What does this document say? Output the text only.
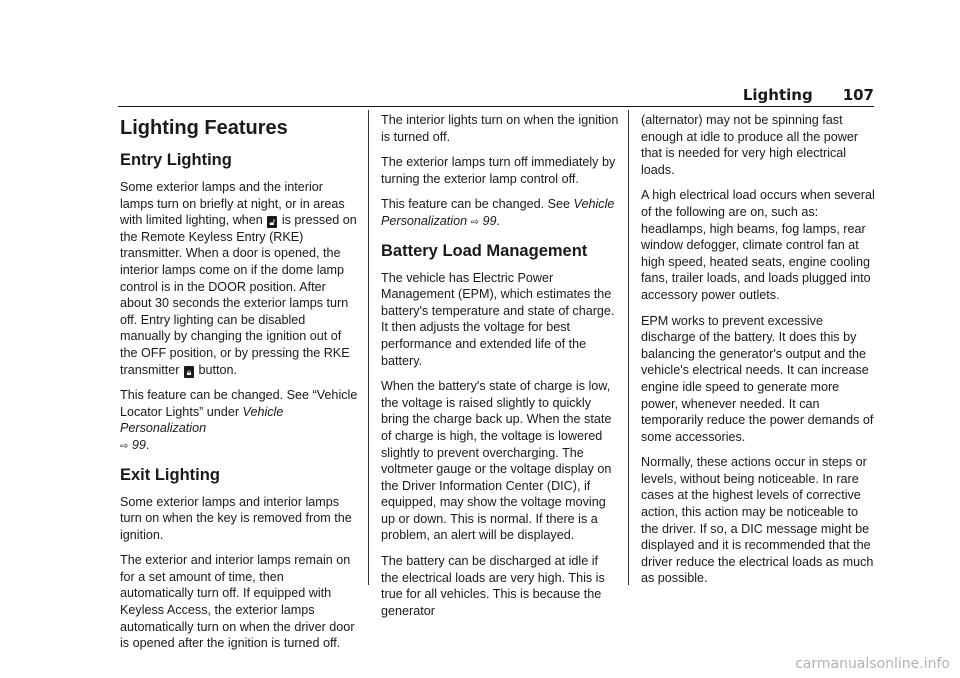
Lighting 107
Lighting Features
Entry Lighting

Some exterior lamps and the interior lamps turn on briefly at night, or in areas with limited lighting, when 🔓︎ is pressed on the Remote Keyless Entry (RKE) transmitter. When a door is opened, the interior lamps come on if the dome lamp control is in the DOOR position. After about 30 seconds the exterior lamps turn off. Entry lighting can be disabled manually by changing the ignition out of the OFF position, or by pressing the RKE transmitter 🔒︎ button.

This feature can be changed. See “Vehicle Locator Lights” under Vehicle Personalization
⇨ 99.

Exit Lighting

Some exterior lamps and interior lamps turn on when the key is removed from the ignition.

The exterior and interior lamps remain on for a set amount of time, then automatically turn off. If equipped with Keyless Access, the exterior lamps automatically turn on when the driver door is opened after the ignition is turned off.

The interior lights turn on when the ignition is turned off.

The exterior lamps turn off immediately by turning the exterior lamp control off.

This feature can be changed. See Vehicle Personalization ⇨ 99.

Battery Load Management

The vehicle has Electric Power Management (EPM), which estimates the battery's temperature and state of charge. It then adjusts the voltage for best performance and extended life of the battery.

When the battery's state of charge is low, the voltage is raised slightly to quickly bring the charge back up. When the state of charge is high, the voltage is lowered slightly to prevent overcharging. The voltmeter gauge or the voltage display on the Driver Information Center (DIC), if equipped, may show the voltage moving up or down. This is normal. If there is a problem, an alert will be displayed.

The battery can be discharged at idle if the electrical loads are very high. This is true for all vehicles. This is because the generator

(alternator) may not be spinning fast enough at idle to produce all the power that is needed for very high electrical loads.

A high electrical load occurs when several of the following are on, such as: headlamps, high beams, fog lamps, rear window defogger, climate control fan at high speed, heated seats, engine cooling fans, trailer loads, and loads plugged into accessory power outlets.

EPM works to prevent excessive discharge of the battery. It does this by balancing the generator's output and the vehicle's electrical needs. It can increase engine idle speed to generate more power, whenever needed. It can temporarily reduce the power demands of some accessories.

Normally, these actions occur in steps or levels, without being noticeable. In rare cases at the highest levels of corrective action, this action may be noticeable to the driver. If so, a DIC message might be displayed and it is recommended that the driver reduce the electrical loads as much as possible.

carmanualsonline.info
